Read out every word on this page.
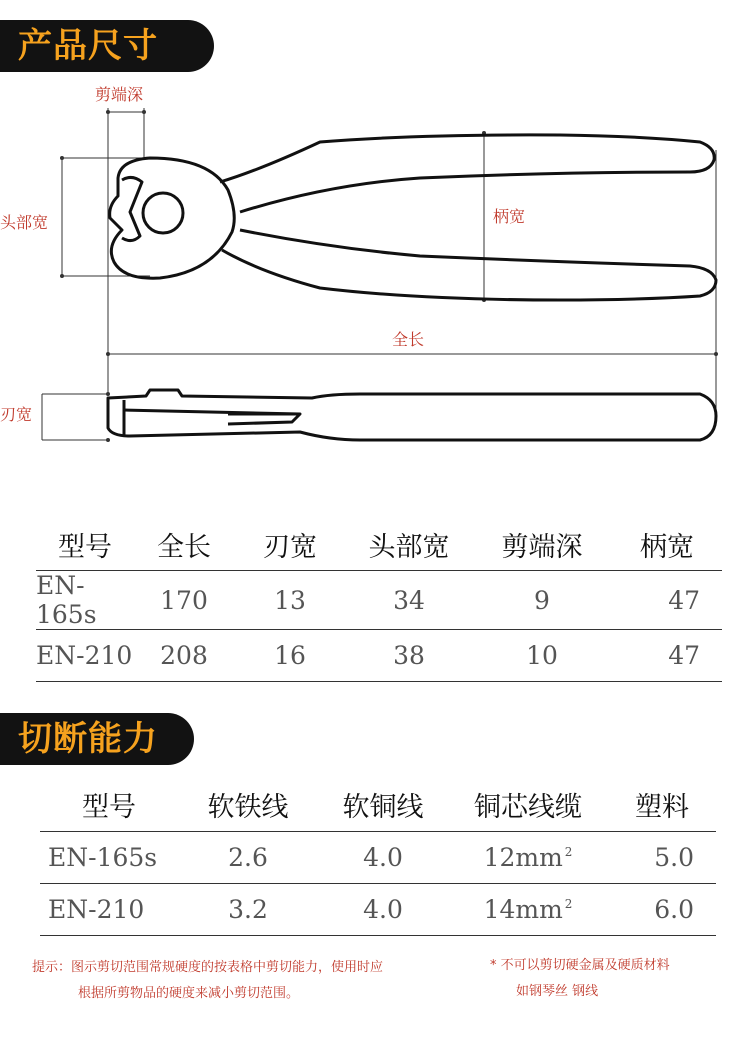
产品尺寸
剪端深
头部宽	柄宽
全长
刃宽
型号	全长	刃宽	头部宽	剪端深	柄宽
EN-165s	170	13	34	9	47
EN-210	208	16	38	10	47
切断能力
型号	软铁线	软铜线	铜芯线缆	塑料
EN-165s	2.6	4.0	12mm $^2$	5.0
EN-210	3.2	4.0	14mm $^2$	6.0
提示：图示剪切范围常规硬度的按表格中剪切能力，使用时应
根据所剪物品的硬度来减小剪切范围。
* 不可以剪切硬金属及硬质材料
如钢琴丝 钢线
